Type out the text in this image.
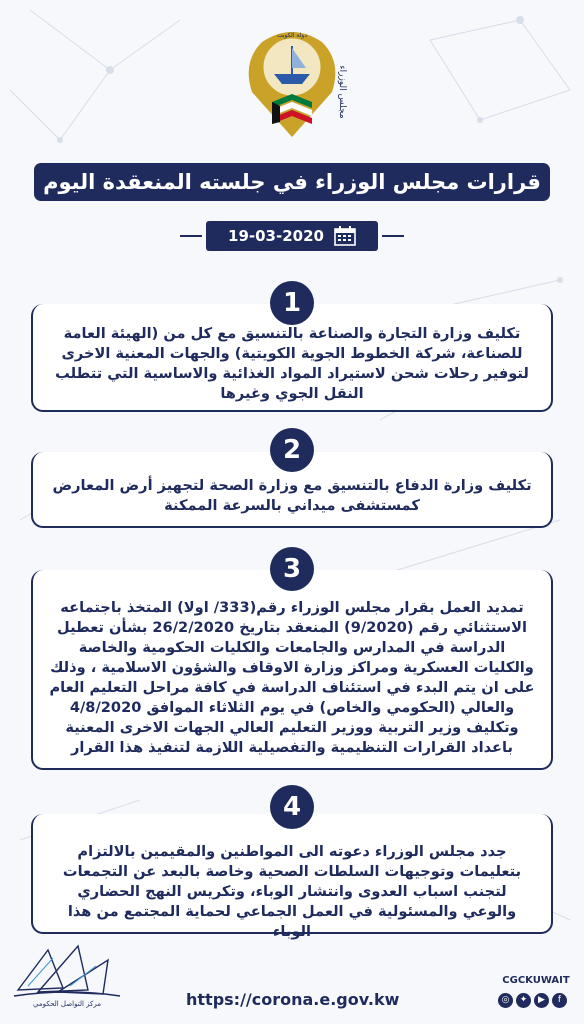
دولة الكويت
مجلس الوزراء
قرارات مجلس الوزراء في جلسته المنعقدة اليوم
19-03-2020
تكليف وزارة التجارة والصناعة بالتنسيق مع كل من (الهيئة العامة للصناعة، شركة الخطوط الجوية الكويتية) والجهات المعنية الاخرى لتوفير رحلات شحن لاستيراد المواد الغذائية والاساسية التي تتطلب النقل الجوي وغيرها
1
تكليف وزارة الدفاع بالتنسيق مع وزارة الصحة لتجهيز أرض المعارض كمستشفى ميداني بالسرعة الممكنة
2
تمديد العمل بقرار مجلس الوزراء رقم(333/ اولا) المتخذ باجتماعه الاستثنائي رقم (9/2020) المنعقد بتاريخ 26/2/2020 بشأن تعطيل الدراسة في المدارس والجامعات والكليات الحكومية والخاصة والكليات العسكرية ومراكز وزارة الاوقاف والشؤون الاسلامية ، وذلك على ان يتم البدء في استئناف الدراسة في كافة مراحل التعليم العام والعالي (الحكومي والخاص) في يوم الثلاثاء الموافق 4/8/2020 وتكليف وزير التربية ووزير التعليم العالي الجهات الاخرى المعنية باعداد القرارات التنظيمية والتفصيلية اللازمة لتنفيذ هذا القرار
3
جدد مجلس الوزراء دعوته الى المواطنين والمقيمين بالالتزام بتعليمات وتوجيهات السلطات الصحية وخاصة بالبعد عن التجمعات لتجنب اسباب العدوى وانتشار الوباء، وتكريس النهج الحضاري والوعي والمسئولية في العمل الجماعي لحماية المجتمع من هذا الوباء
4
مركز التواصل الحكومي	https://corona.e.gov.kw
CGCKUWAIT
◎	✦	▶	f
